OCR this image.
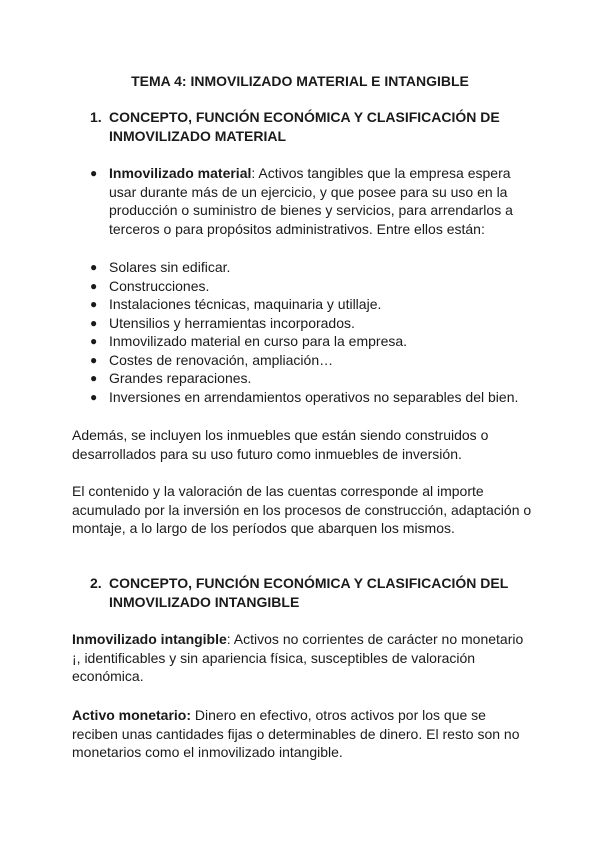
TEMA 4: INMOVILIZADO MATERIAL E INTANGIBLE
1. CONCEPTO, FUNCIÓN ECONÓMICA Y CLASIFICACIÓN DE
INMOVILIZADO MATERIAL
● Inmovilizado material: Activos tangibles que la empresa espera usar durante más de un ejercicio, y que posee para su uso en la producción o suministro de bienes y servicios, para arrendarlos a terceros o para propósitos administrativos. Entre ellos están:
● Solares sin edificar.
● Construcciones.
● Instalaciones técnicas, maquinaria y utillaje.
● Utensilios y herramientas incorporados.
● Inmovilizado material en curso para la empresa.
● Costes de renovación, ampliación…
● Grandes reparaciones.
● Inversiones en arrendamientos operativos no separables del bien.

Además, se incluyen los inmuebles que están siendo construidos o desarrollados para su uso futuro como inmuebles de inversión.

El contenido y la valoración de las cuentas corresponde al importe acumulado por la inversión en los procesos de construcción, adaptación o montaje, a lo largo de los períodos que abarquen los mismos.

2. CONCEPTO, FUNCIÓN ECONÓMICA Y CLASIFICACIÓN DEL
INMOVILIZADO INTANGIBLE

Inmovilizado intangible: Activos no corrientes de carácter no monetario ¡, identificables y sin apariencia física, susceptibles de valoración económica.

Activo monetario: Dinero en efectivo, otros activos por los que se reciben unas cantidades fijas o determinables de dinero. El resto son no monetarios como el inmovilizado intangible.
